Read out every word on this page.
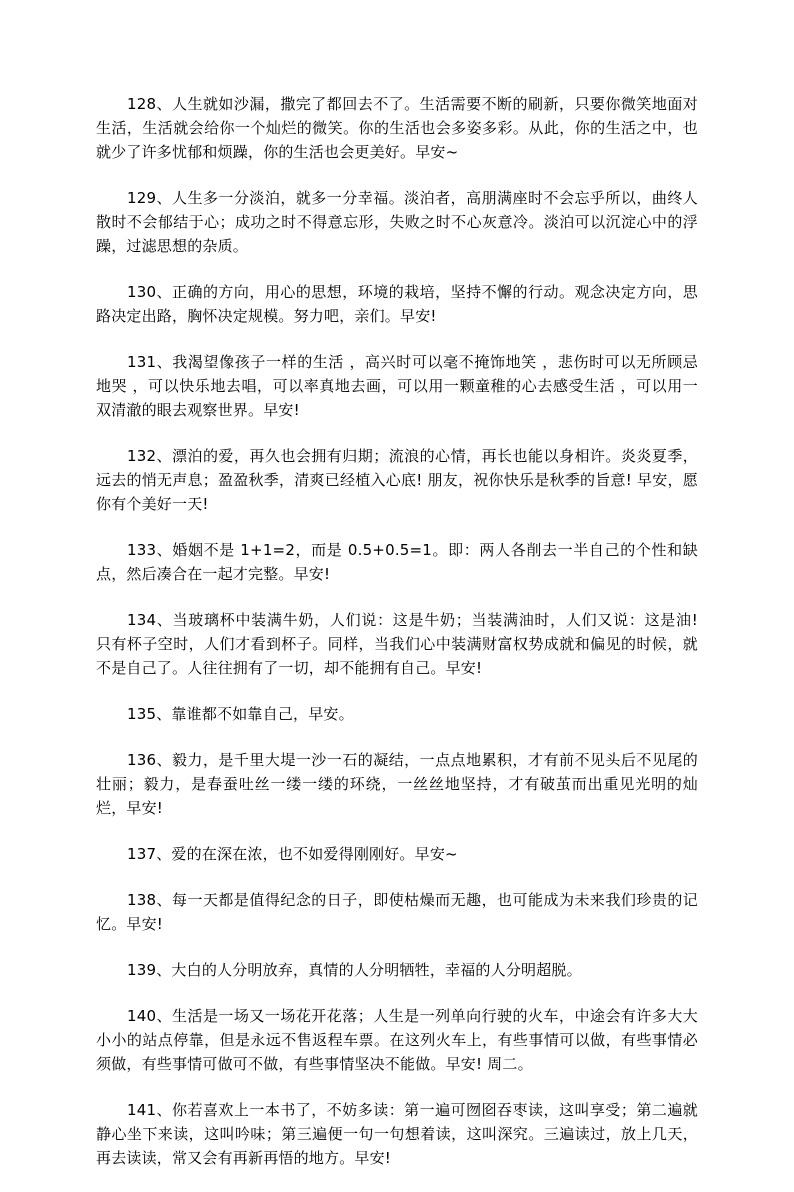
128、人生就如沙漏，撒完了都回去不了。生活需要不断的刷新，只要你微笑地面对生活，生活就会给你一个灿烂的微笑。你的生活也会多姿多彩。从此，你的生活之中，也就少了许多忧郁和烦躁，你的生活也会更美好。早安~

129、人生多一分淡泊，就多一分幸福。淡泊者，高朋满座时不会忘乎所以，曲终人散时不会郁结于心；成功之时不得意忘形，失败之时不心灰意冷。淡泊可以沉淀心中的浮躁，过滤思想的杂质。

130、正确的方向，用心的思想，环境的栽培，坚持不懈的行动。观念决定方向，思路决定出路，胸怀决定规模。努力吧，亲们。早安!

131、我渴望像孩子一样的生活 ，高兴时可以毫不掩饰地笑 ，悲伤时可以无所顾忌地哭 ，可以快乐地去唱，可以率真地去画，可以用一颗童稚的心去感受生活 ，可以用一双清澈的眼去观察世界。早安!

132、漂泊的爱，再久也会拥有归期；流浪的心情，再长也能以身相许。炎炎夏季，远去的悄无声息；盈盈秋季，清爽已经植入心底! 朋友，祝你快乐是秋季的旨意! 早安，愿你有个美好一天!

133、婚姻不是 1+1=2，而是 0.5+0.5=1。即：两人各削去一半自己的个性和缺点，然后凑合在一起才完整。早安!

134、当玻璃杯中装满牛奶，人们说：这是牛奶；当装满油时，人们又说：这是油! 只有杯子空时，人们才看到杯子。同样，当我们心中装满财富权势成就和偏见的时候，就不是自己了。人往往拥有了一切，却不能拥有自己。早安!

135、靠谁都不如靠自己，早安。

136、毅力，是千里大堤一沙一石的凝结，一点点地累积，才有前不见头后不见尾的壮丽；毅力，是春蚕吐丝一缕一缕的环绕，一丝丝地坚持，才有破茧而出重见光明的灿烂，早安!

137、爱的在深在浓，也不如爱得刚刚好。早安~

138、每一天都是值得纪念的日子，即使枯燥而无趣，也可能成为未来我们珍贵的记忆。早安!

139、大白的人分明放弃，真情的人分明牺牲，幸福的人分明超脱。

140、生活是一场又一场花开花落；人生是一列单向行驶的火车，中途会有许多大大小小的站点停靠，但是永远不售返程车票。在这列火车上，有些事情可以做，有些事情必须做，有些事情可做可不做，有些事情坚决不能做。早安! 周二。

141、你若喜欢上一本书了，不妨多读：第一遍可囫囵吞枣读，这叫享受；第二遍就静心坐下来读，这叫吟味；第三遍便一句一句想着读，这叫深究。三遍读过，放上几天，再去读读，常又会有再新再悟的地方。早安!
